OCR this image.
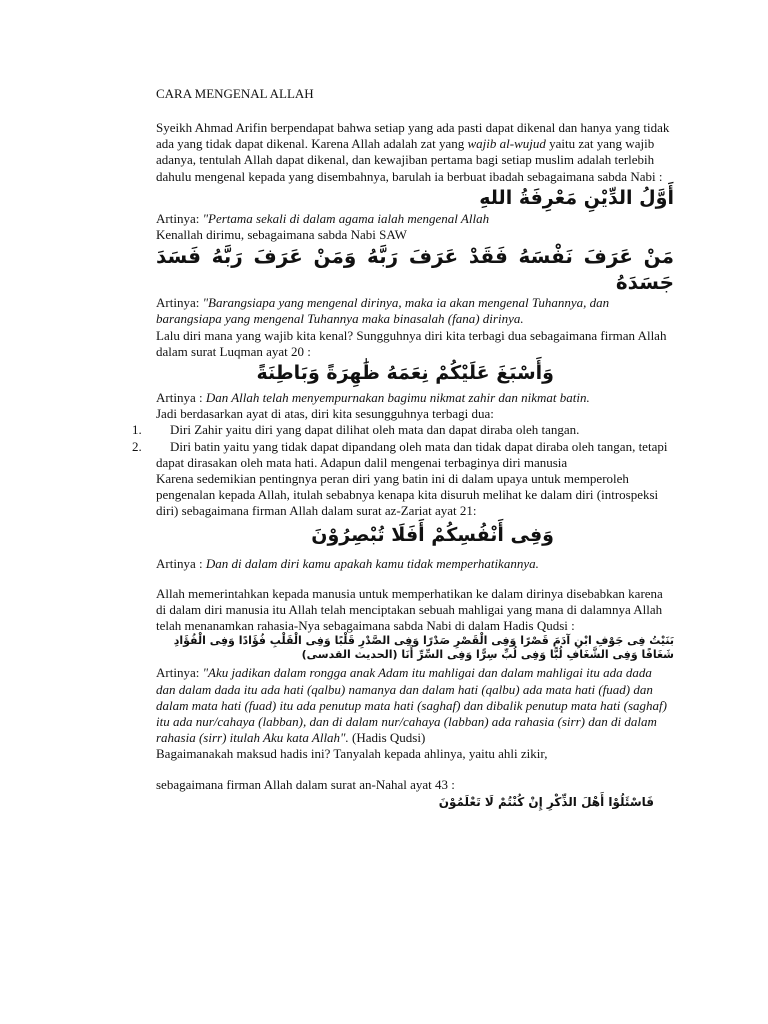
CARA MENGENAL ALLAH

Syeikh Ahmad Arifin berpendapat bahwa setiap yang ada pasti dapat dikenal dan hanya yang tidak ada yang tidak dapat dikenal. Karena Allah adalah zat yang wajib al-wujud yaitu zat yang wajib adanya, tentulah Allah dapat dikenal, dan kewajiban pertama bagi setiap muslim adalah terlebih dahulu mengenal kepada yang disembahnya, barulah ia berbuat ibadah sebagaimana sabda Nabi :

أَوَّلُ الدِّيْنِ مَعْرِفَةُ اللهِ

Artinya: "Pertama sekali di dalam agama ialah mengenal Allah

Kenallah dirimu, sebagaimana sabda Nabi SAW

مَنْ عَرَفَ نَفْسَهُ فَقَدْ عَرَفَ رَبَّهُ وَمَنْ عَرَفَ رَبَّهُ فَسَدَ جَسَدَهُ

Artinya: "Barangsiapa yang mengenal dirinya, maka ia akan mengenal Tuhannya, dan barangsiapa yang mengenal Tuhannya maka binasalah (fana) dirinya.

Lalu diri mana yang wajib kita kenal? Sungguhnya diri kita terbagi dua sebagaimana firman Allah dalam surat Luqman ayat 20 :

وَأَسْبَغَ عَلَيْكُمْ نِعَمَهُ ظَٰهِرَةً وَبَاطِنَةً

Artinya : Dan Allah telah menyempurnakan bagimu nikmat zahir dan nikmat batin.

Jadi berdasarkan ayat di atas, diri kita sesungguhnya terbagi dua:

1. Diri Zahir yaitu diri yang dapat dilihat oleh mata dan dapat diraba oleh tangan.

2. Diri batin yaitu yang tidak dapat dipandang oleh mata dan tidak dapat diraba oleh tangan, tetapi dapat dirasakan oleh mata hati. Adapun dalil mengenai terbaginya diri manusia

Karena sedemikian pentingnya peran diri yang batin ini di dalam upaya untuk memperoleh pengenalan kepada Allah, itulah sebabnya kenapa kita disuruh melihat ke dalam diri (introspeksi diri) sebagaimana firman Allah dalam surat az-Zariat ayat 21:

وَفِى أَنْفُسِكُمْ أَفَلَا تُبْصِرُوْنَ

Artinya : Dan di dalam diri kamu apakah kamu tidak memperhatikannya.

Allah memerintahkan kepada manusia untuk memperhatikan ke dalam dirinya disebabkan karena di dalam diri manusia itu Allah telah menciptakan sebuah mahligai yang mana di dalamnya Allah telah menanamkan rahasia-Nya sebagaimana sabda Nabi di dalam Hadis Qudsi :

بَنَيْتُ فِى جَوْفِ ابْنِ آدَمَ قَصْرًا وَفِى الْقَصْرِ صَدْرًا وَفِى الصَّدْرِ قَلْبًا وَفِى الْقَلْبِ فُؤَادًا وَفِى الْفُؤَادِ شَغَافًا وَفِى الشَّغَافِ لُبًّا وَفِى لُبِّ سِرًّا وَفِى السِّرِّ أَنَا (الحديث القدسى)

Artinya: "Aku jadikan dalam rongga anak Adam itu mahligai dan dalam mahligai itu ada dada dan dalam dada itu ada hati (qalbu) namanya dan dalam hati (qalbu) ada mata hati (fuad) dan dalam mata hati (fuad) itu ada penutup mata hati (saghaf) dan dibalik penutup mata hati (saghaf) itu ada nur/cahaya (labban), dan di dalam nur/cahaya (labban) ada rahasia (sirr) dan di dalam rahasia (sirr) itulah Aku kata Allah". (Hadis Qudsi)

Bagaimanakah maksud hadis ini? Tanyalah kepada ahlinya, yaitu ahli zikir,

sebagaimana firman Allah dalam surat an-Nahal ayat 43 :

فَاسْئَلُوْا أَهْلَ الذِّكْرِ إِنْ كُنْتُمْ لَا تَعْلَمُوْنَ
